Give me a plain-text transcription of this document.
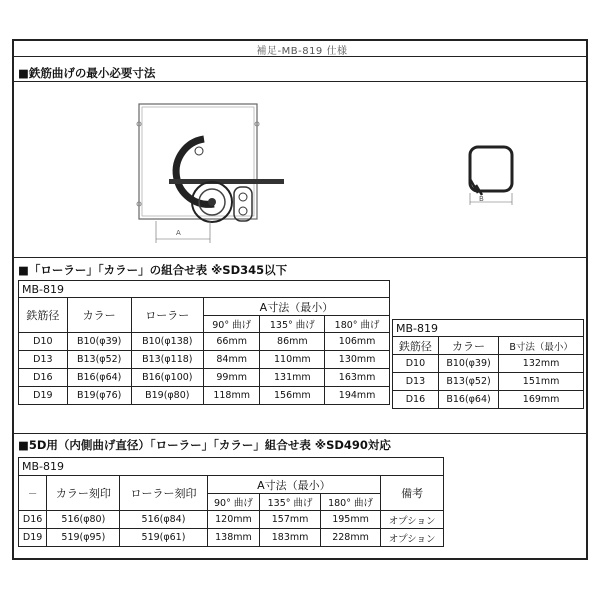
補足-MB-819 仕様
■鉄筋曲げの最小必要寸法
A
B
■「ローラー」「カラー」の組合せ表 ※SD345以下
MB-819					
鉄筋径	カラー	ローラー	A寸法（最小）		
			90° 曲げ	135° 曲げ	180° 曲げ
D10	B10(φ39)	B10(φ138)	66mm	86mm	106mm
D13	B13(φ52)	B13(φ118)	84mm	110mm	130mm
D16	B16(φ64)	B16(φ100)	99mm	131mm	163mm
D19	B19(φ76)	B19(φ80)	118mm	156mm	194mm
MB-819		
鉄筋径	カラー	B寸法（最小）
D10	B10(φ39)	132mm
D13	B13(φ52)	151mm
D16	B16(φ64)	169mm
■5D用（内側曲げ直径）「ローラー」「カラー」組合せ表 ※SD490対応
MB-819						
－	カラー刻印	ローラー刻印	A寸法（最小）			備考
			90° 曲げ	135° 曲げ	180° 曲げ	
D16	516(φ80)	516(φ84)	120mm	157mm	195mm	オプション
D19	519(φ95)	519(φ61)	138mm	183mm	228mm	オプション
